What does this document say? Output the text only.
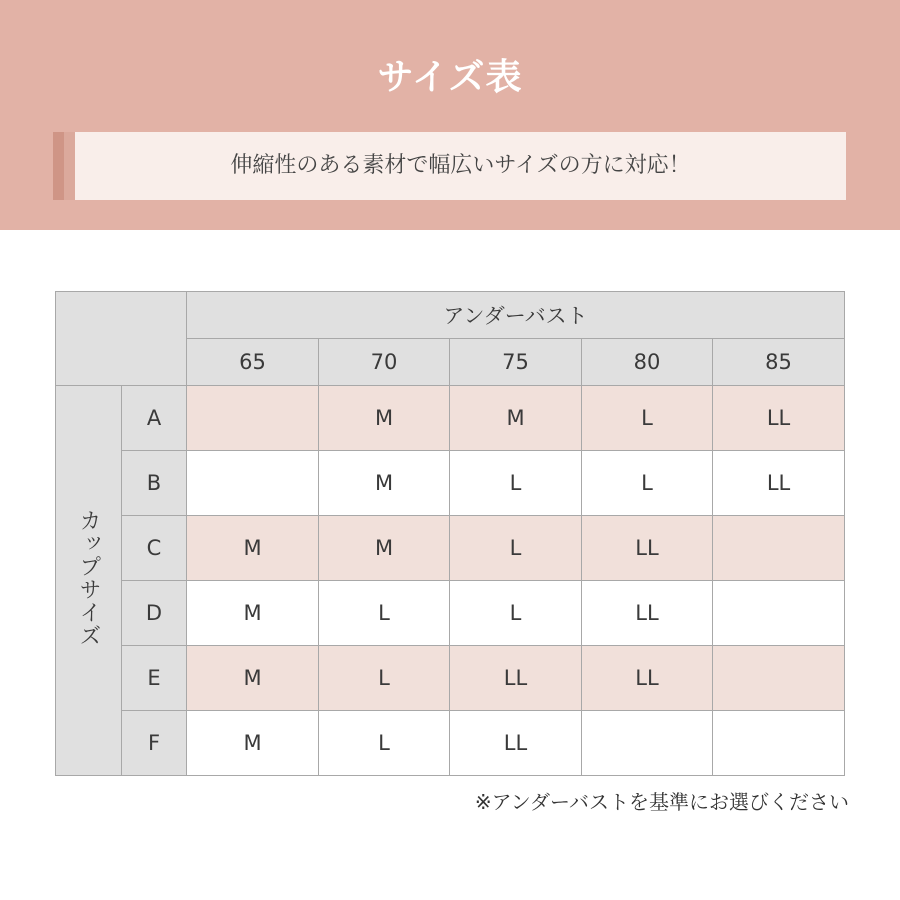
サイズ表
伸縮性のある素材で幅広いサイズの方に対応！
		アンダーバスト				
		65	70	75	80	85
カップサイズ	A		M	M	L	LL
	B		M	L	L	LL
	C	M	M	L	LL	
	D	M	L	L	LL	
	E	M	L	LL	LL	
	F	M	L	LL		
※アンダーバストを基準にお選びください
